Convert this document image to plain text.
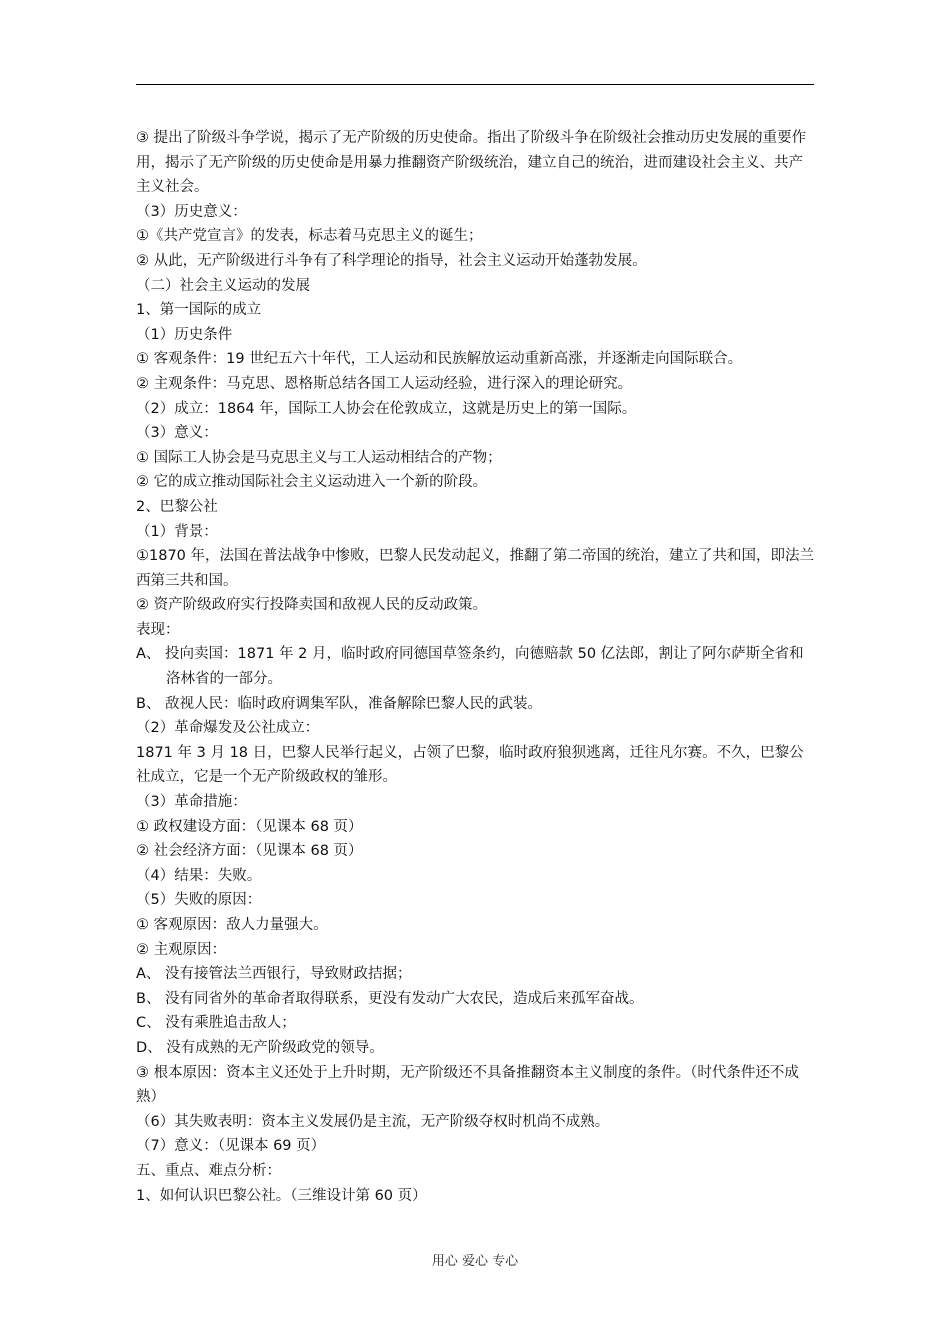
③ 提出了阶级斗争学说，揭示了无产阶级的历史使命。指出了阶级斗争在阶级社会推动历史发展的重要作用，揭示了无产阶级的历史使命是用暴力推翻资产阶级统治，建立自己的统治，进而建设社会主义、共产主义社会。

（3）历史意义：

①《共产党宣言》的发表，标志着马克思主义的诞生；

② 从此，无产阶级进行斗争有了科学理论的指导，社会主义运动开始蓬勃发展。

（二）社会主义运动的发展

1、第一国际的成立

（1）历史条件

① 客观条件：19 世纪五六十年代，工人运动和民族解放运动重新高涨，并逐渐走向国际联合。

② 主观条件：马克思、恩格斯总结各国工人运动经验，进行深入的理论研究。

（2）成立：1864 年，国际工人协会在伦敦成立，这就是历史上的第一国际。

（3）意义：

① 国际工人协会是马克思主义与工人运动相结合的产物；

② 它的成立推动国际社会主义运动进入一个新的阶段。

2、巴黎公社

（1）背景：

①1870 年，法国在普法战争中惨败，巴黎人民发动起义，推翻了第二帝国的统治，建立了共和国，即法兰西第三共和国。

② 资产阶级政府实行投降卖国和敌视人民的反动政策。

表现：

A、 投向卖国：1871 年 2 月，临时政府同德国草签条约，向德赔款 50 亿法郎，割让了阿尔萨斯全省和洛林省的一部分。

B、 敌视人民：临时政府调集军队，准备解除巴黎人民的武装。

（2）革命爆发及公社成立：

1871 年 3 月 18 日，巴黎人民举行起义，占领了巴黎，临时政府狼狈逃离，迁往凡尔赛。不久，巴黎公社成立，它是一个无产阶级政权的雏形。

（3）革命措施：

① 政权建设方面：（见课本 68 页）

② 社会经济方面：（见课本 68 页）

（4）结果：失败。

（5）失败的原因：

① 客观原因：敌人力量强大。

② 主观原因：

A、 没有接管法兰西银行，导致财政拮据；

B、 没有同省外的革命者取得联系，更没有发动广大农民，造成后来孤军奋战。

C、 没有乘胜追击敌人；

D、 没有成熟的无产阶级政党的领导。

③ 根本原因：资本主义还处于上升时期，无产阶级还不具备推翻资本主义制度的条件。（时代条件还不成熟）

（6）其失败表明：资本主义发展仍是主流，无产阶级夺权时机尚不成熟。

（7）意义：（见课本 69 页）

五、重点、难点分析：

1、如何认识巴黎公社。（三维设计第 60 页）

用心 爱心 专心
